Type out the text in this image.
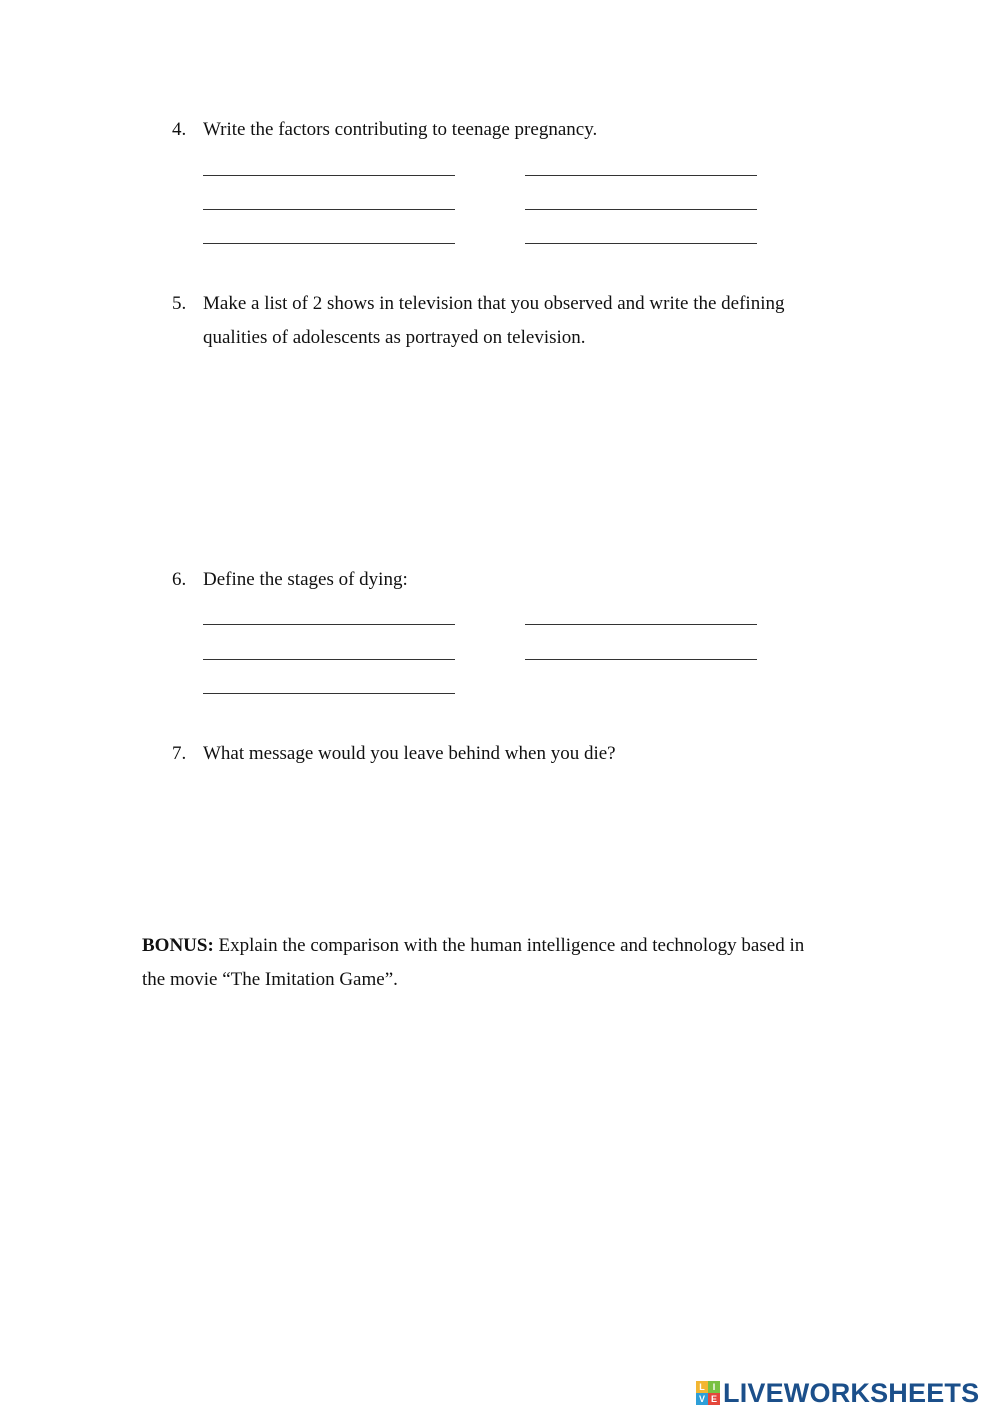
4. Write the factors contributing to teenage pregnancy.
5. Make a list of 2 shows in television that you observed and write the defining
qualities of adolescents as portrayed on television.
6. Define the stages of dying:
7. What message would you leave behind when you die?
BONUS: Explain the comparison with the human intelligence and technology based in
the movie “The Imitation Game”.
L I
V E LIVEWORKSHEETS
